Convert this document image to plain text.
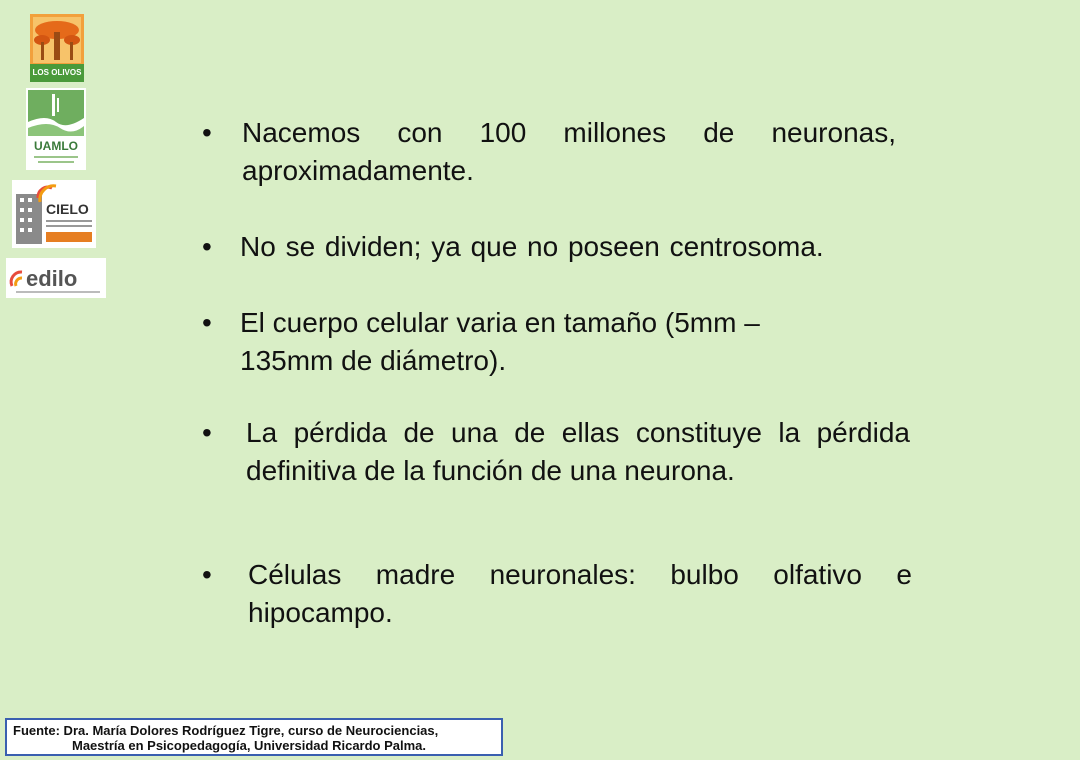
LOS OLIVOS
UAMLO
CIELO
edilo
• Nacemos con 100 millones de neuronas, aproximadamente.
• No se dividen; ya que no poseen centrosoma.
• El cuerpo celular varia en tamaño (5mm – 135mm de diámetro).
• La pérdida de una de ellas constituye la pérdida definitiva de la función de una neurona.
• Células madre neuronales: bulbo olfativo e hipocampo.
Fuente: Dra. María Dolores Rodríguez Tigre, curso de Neurociencias,
Maestría en Psicopedagogía, Universidad Ricardo Palma.
